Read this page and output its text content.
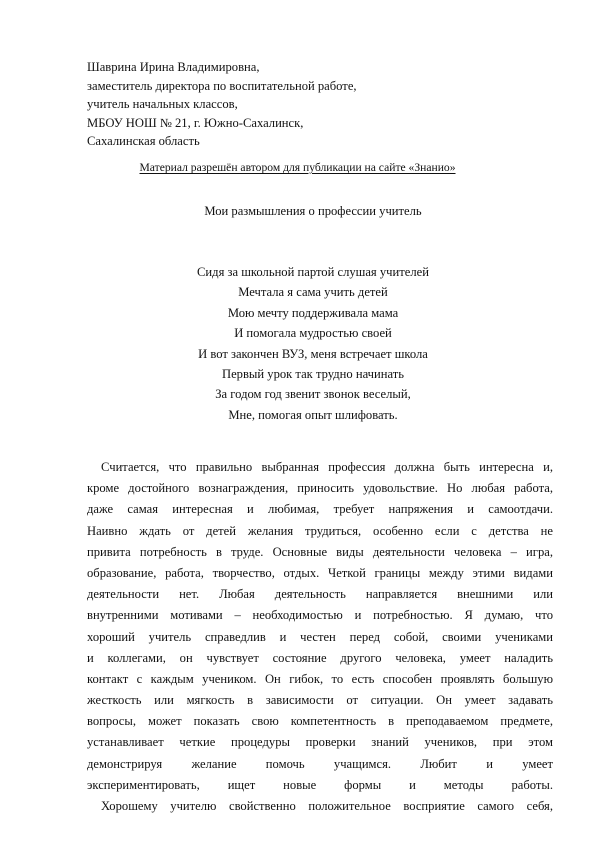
Шаврина Ирина Владимировна,
заместитель директора по воспитательной работе,
учитель начальных классов,
МБОУ НОШ № 21, г. Южно-Сахалинск,
Сахалинская область
Материал разрешён автором для публикации на сайте «Знанио»
Мои размышления о профессии учитель
Сидя за школьной партой слушая учителей
Мечтала я сама учить детей
Мою мечту поддерживала мама
И помогала мудростью своей
И вот закончен ВУЗ, меня встречает школа
Первый урок так трудно начинать
За годом год звенит звонок веселый,
Мне, помогая опыт шлифовать.
Считается, что правильно выбранная профессия должна быть интересна и,
кроме достойного вознаграждения, приносить удовольствие. Но любая работа,
даже самая интересная и любимая, требует напряжения и самоотдачи.
Наивно ждать от детей желания трудиться, особенно если с детства не
привита потребность в труде. Основные виды деятельности человека – игра,
образование, работа, творчество, отдых. Четкой границы между этими видами
деятельности нет. Любая деятельность направляется внешними или
внутренними мотивами – необходимостью и потребностью. Я думаю, что
хороший учитель справедлив и честен перед собой, своими учениками
и коллегами, он чувствует состояние другого человека, умеет наладить
контакт с каждым учеником. Он гибок, то есть способен проявлять большую
жесткость или мягкость в зависимости от ситуации. Он умеет задавать
вопросы, может показать свою компетентность в преподаваемом предмете,
устанавливает четкие процедуры проверки знаний учеников, при этом
демонстрируя желание помочь учащимся. Любит и умеет
экспериментировать, ищет новые формы и методы работы.
Хорошему учителю свойственно положительное восприятие самого себя,
